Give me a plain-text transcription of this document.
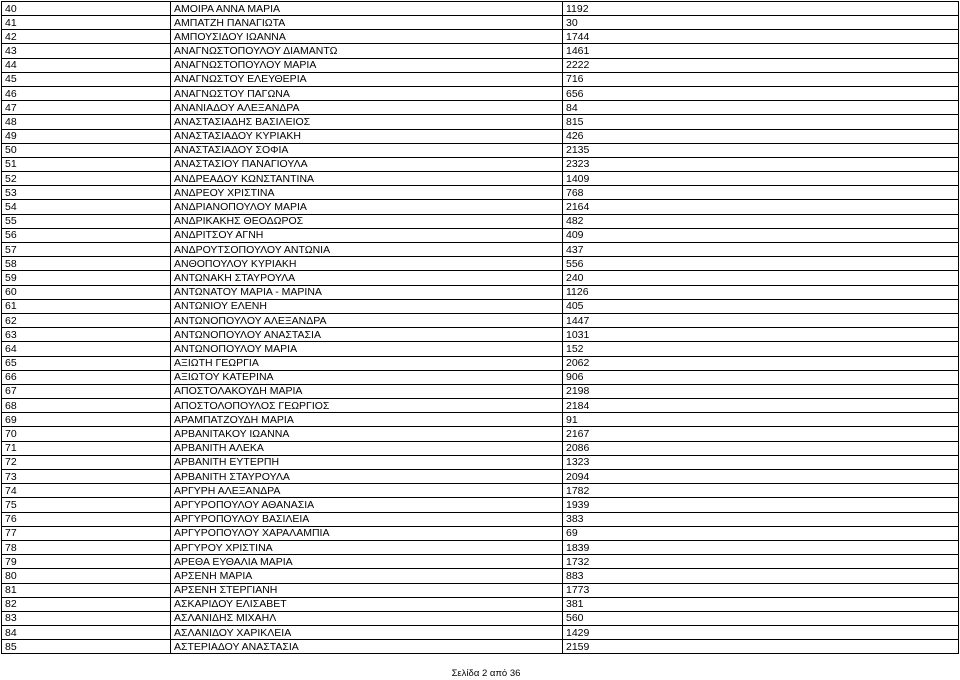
40	ΑΜΟΙΡΑ ΑΝΝΑ ΜΑΡΙΑ	1192
41	ΑΜΠΑΤΖΗ ΠΑΝΑΓΙΩΤΑ	30
42	ΑΜΠΟΥΣΙΔΟΥ ΙΩΑΝΝΑ	1744
43	ΑΝΑΓΝΩΣΤΟΠΟΥΛΟΥ ΔΙΑΜΑΝΤΩ	1461
44	ΑΝΑΓΝΩΣΤΟΠΟΥΛΟΥ ΜΑΡΙΑ	2222
45	ΑΝΑΓΝΩΣΤΟΥ ΕΛΕΥΘΕΡΙΑ	716
46	ΑΝΑΓΝΩΣΤΟΥ ΠΑΓΩΝΑ	656
47	ΑΝΑΝΙΑΔΟΥ ΑΛΕΞΑΝΔΡΑ	84
48	ΑΝΑΣΤΑΣΙΑΔΗΣ ΒΑΣΙΛΕΙΟΣ	815
49	ΑΝΑΣΤΑΣΙΑΔΟΥ ΚΥΡΙΑΚΗ	426
50	ΑΝΑΣΤΑΣΙΑΔΟΥ ΣΟΦΙΑ	2135
51	ΑΝΑΣΤΑΣΙΟΥ ΠΑΝΑΓΙΟΥΛΑ	2323
52	ΑΝΔΡΕΑΔΟΥ ΚΩΝΣΤΑΝΤΙΝΑ	1409
53	ΑΝΔΡΕΟΥ ΧΡΙΣΤΙΝΑ	768
54	ΑΝΔΡΙΑΝΟΠΟΥΛΟΥ ΜΑΡΙΑ	2164
55	ΑΝΔΡΙΚΑΚΗΣ ΘΕΟΔΩΡΟΣ	482
56	ΑΝΔΡΙΤΣΟΥ ΑΓΝΗ	409
57	ΑΝΔΡΟΥΤΣΟΠΟΥΛΟΥ ΑΝΤΩΝΙΑ	437
58	ΑΝΘΟΠΟΥΛΟΥ ΚΥΡΙΑΚΗ	556
59	ΑΝΤΩΝΑΚΗ ΣΤΑΥΡΟΥΛΑ	240
60	ΑΝΤΩΝΑΤΟΥ ΜΑΡΙΑ - ΜΑΡΙΝΑ	1126
61	ΑΝΤΩΝΙΟΥ ΕΛΕΝΗ	405
62	ΑΝΤΩΝΟΠΟΥΛΟΥ ΑΛΕΞΑΝΔΡΑ	1447
63	ΑΝΤΩΝΟΠΟΥΛΟΥ ΑΝΑΣΤΑΣΙΑ	1031
64	ΑΝΤΩΝΟΠΟΥΛΟΥ ΜΑΡΙΑ	152
65	ΑΞΙΩΤΗ ΓΕΩΡΓΙΑ	2062
66	ΑΞΙΩΤΟΥ ΚΑΤΕΡΙΝΑ	906
67	ΑΠΟΣΤΟΛΑΚΟΥΔΗ ΜΑΡΙΑ	2198
68	ΑΠΟΣΤΟΛΟΠΟΥΛΟΣ ΓΕΩΡΓΙΟΣ	2184
69	ΑΡΑΜΠΑΤΖΟΥΔΗ ΜΑΡΙΑ	91
70	ΑΡΒΑΝΙΤΑΚΟΥ ΙΩΑΝΝΑ	2167
71	ΑΡΒΑΝΙΤΗ ΑΛΕΚΑ	2086
72	ΑΡΒΑΝΙΤΗ ΕΥΤΕΡΠΗ	1323
73	ΑΡΒΑΝΙΤΗ ΣΤΑΥΡΟΥΛΑ	2094
74	ΑΡΓΥΡΗ ΑΛΕΞΑΝΔΡΑ	1782
75	ΑΡΓΥΡΟΠΟΥΛΟΥ ΑΘΑΝΑΣΙΑ	1939
76	ΑΡΓΥΡΟΠΟΥΛΟΥ ΒΑΣΙΛΕΙΑ	383
77	ΑΡΓΥΡΟΠΟΥΛΟΥ ΧΑΡΑΛΑΜΠΙΑ	69
78	ΑΡΓΥΡΟΥ ΧΡΙΣΤΙΝΑ	1839
79	ΑΡΕΘΑ ΕΥΘΑΛΙΑ ΜΑΡΙΑ	1732
80	ΑΡΣΕΝΗ ΜΑΡΙΑ	883
81	ΑΡΣΕΝΗ ΣΤΕΡΓΙΑΝΗ	1773
82	ΑΣΚΑΡΙΔΟΥ ΕΛΙΣΑΒΕΤ	381
83	ΑΣΛΑΝΙΔΗΣ ΜΙΧΑΗΛ	560
84	ΑΣΛΑΝΙΔΟΥ ΧΑΡΙΚΛΕΙΑ	1429
85	ΑΣΤΕΡΙΑΔΟΥ ΑΝΑΣΤΑΣΙΑ	2159
Σελίδα 2 από 36
